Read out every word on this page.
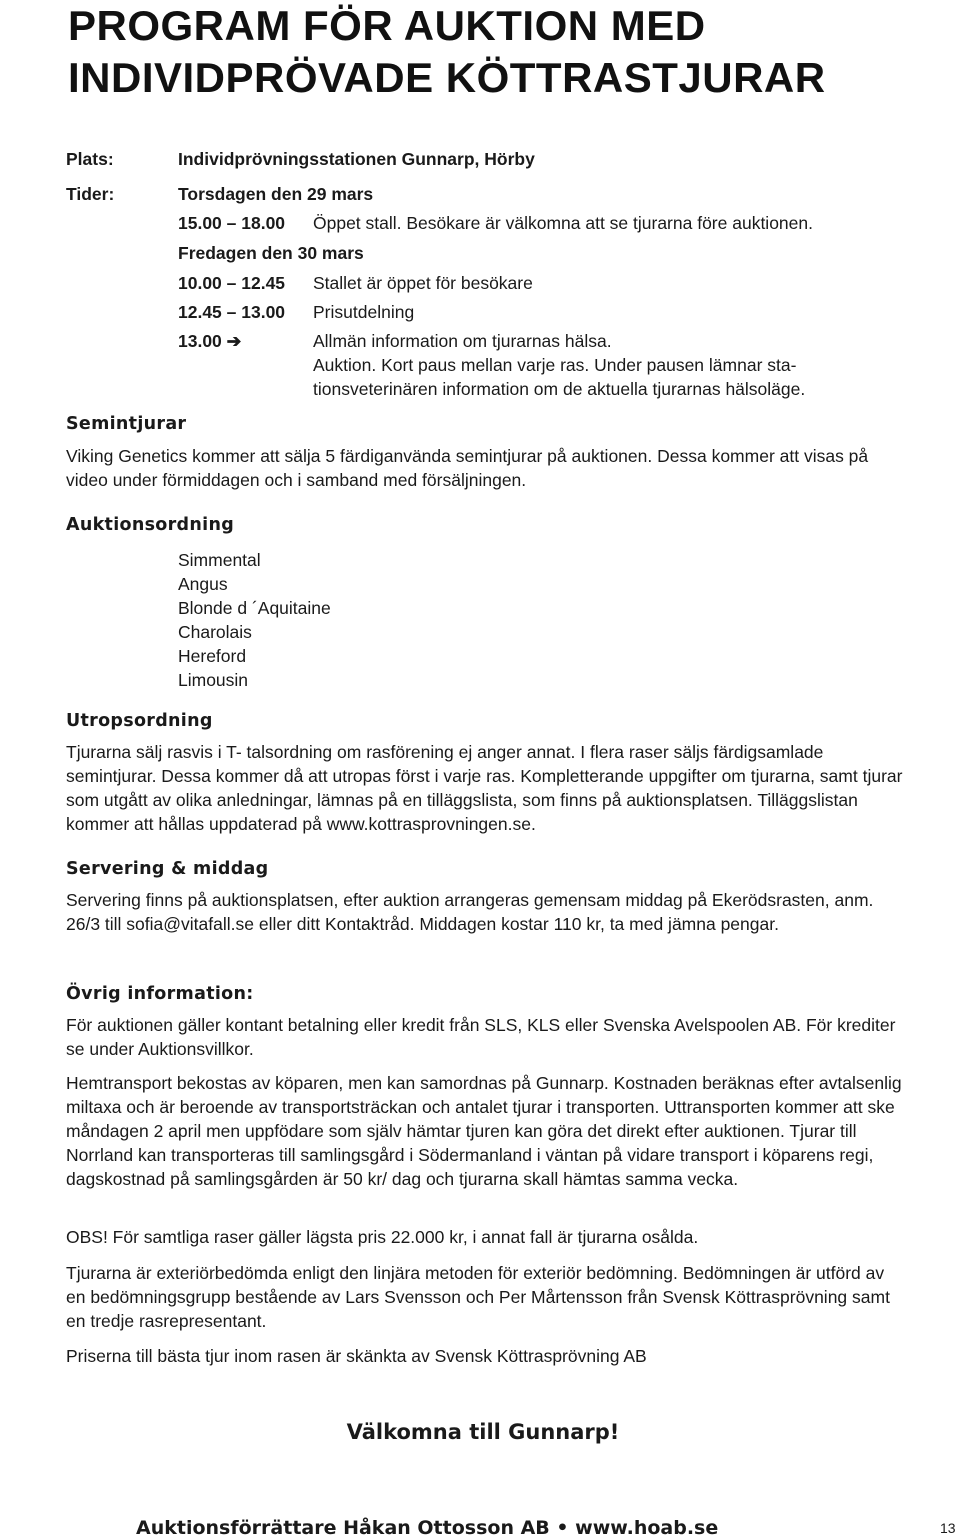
PROGRAM FÖR AUKTION MED
INDIVIDPRÖVADE KÖTTRASTJURAR
Plats:	Individprövningsstationen Gunnarp, Hörby
Tider:	Torsdagen den 29 mars
15.00 – 18.00 Öppet stall. Besökare är välkomna att se tjurarna före auktionen.
Fredagen den 30 mars
10.00 – 12.45 Stallet är öppet för besökare
12.45 – 13.00 Prisutdelning
13.00 ➔	Allmän information om tjurarnas hälsa.
Auktion. Kort paus mellan varje ras. Under pausen lämnar sta-
tionsveterinären information om de aktuella tjurarnas hälsoläge.
Semintjurar
Viking Genetics kommer att sälja 5 färdiganvända semintjurar på auktionen. Dessa kommer att visas på video under förmiddagen och i samband med försäljningen.
Auktionsordning
Simmental
Angus
Blonde d ´Aquitaine
Charolais
Hereford
Limousin
Utropsordning
Tjurarna sälj rasvis i T- talsordning om rasförening ej anger annat. I flera raser säljs färdigsamlade semintjurar. Dessa kommer då att utropas först i varje ras. Kompletterande uppgifter om tjurarna, samt tjurar som utgått av olika anledningar, lämnas på en tilläggslista, som finns på auktionsplatsen. Tilläggslistan kommer att hållas uppdaterad på www.kottrasprovningen.se.
Servering & middag
Servering finns på auktionsplatsen, efter auktion arrangeras gemensam middag på Ekerödsrasten, anm. 26/3 till sofia@vitafall.se eller ditt Kontaktråd. Middagen kostar 110 kr, ta med jämna pengar.
Övrig information:
För auktionen gäller kontant betalning eller kredit från SLS, KLS eller Svenska Avelspoolen AB. För krediter se under Auktionsvillkor.
Hemtransport bekostas av köparen, men kan samordnas på Gunnarp. Kostnaden beräknas efter avtalsenlig miltaxa och är beroende av transportsträckan och antalet tjurar i transporten. Uttransporten kommer att ske måndagen 2 april men uppfödare som själv hämtar tjuren kan göra det direkt efter auktionen. Tjurar till Norrland kan transporteras till samlingsgård i Södermanland i väntan på vidare transport i köparens regi, dagskostnad på samlingsgården är 50 kr/ dag och tjurarna skall hämtas samma vecka.
OBS! För samtliga raser gäller lägsta pris 22.000 kr, i annat fall är tjurarna osålda.
Tjurarna är exteriörbedömda enligt den linjära metoden för exteriör bedömning. Bedömningen är utförd av en bedömningsgrupp bestående av Lars Svensson och Per Mårtensson från Svensk Köttrasprövning samt en tredje rasrepresentant.
Priserna till bästa tjur inom rasen är skänkta av Svensk Köttrasprövning AB
Välkomna till Gunnarp!
Auktionsförrättare Håkan Ottosson AB • www.hoab.se	13
